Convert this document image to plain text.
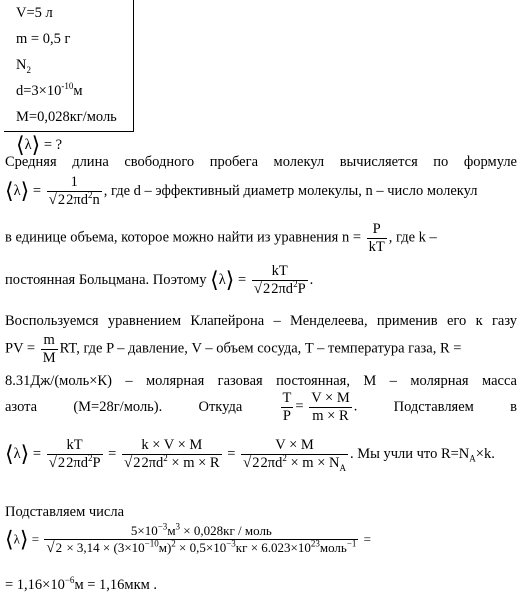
V=5 л
m = 0,5 г
$N_2$
$d=3\times 10^{-10}м$
M=0,028кг/моль
⟨λ⟩ = ?
Средняя длина свободного пробега молекул вычисляется по формуле
⟨λ⟩ = $\frac{1}{√22\pi d^2n}$ , где d – эффективный диаметр молекулы, n – число молекул
в единице объема, которое можно найти из уравнения $n = \frac{P}{kT}$ , где k –
постоянная Больцмана. Поэтому ⟨λ⟩ = $\frac{kT}{√22\pi d^2P}$ .
Воспользуемся уравнением Клапейрона – Менделеева, применив его к газу
PV = $\frac{m}{M}$ RT, где P – давление, V – объем сосуда, T – температура газа, R =
8.31Дж/(моль×К) – молярная газовая постоянная, M – молярная масса
азота (M=28г/моль). Откуда	$\frac{T}{P} = \frac{V \times M}{m \times R}$ . Подставляем в
⟨λ⟩ = $\frac{kT}{√22\pi d^2P} = \frac{k \times V \times M}{√22\pi d^2 \times m \times R} = \frac{V \times M}{√22\pi d^2 \times m \times N_A}$ . Мы учли что $R=N_A\times k$.
Подставляем числа
⟨λ⟩ = $\frac{5\times 10^{-3}м^3 \times 0,028кг / моль}{√2 \times 3,14 \times (3\times 10^{-10}м)^2 \times 0,5\times 10^{-3}кг \times 6.023\times 10^{23}моль^{-1}}$ =
= $1,16\times 10^{-6}м = 1,16мкм$ .
